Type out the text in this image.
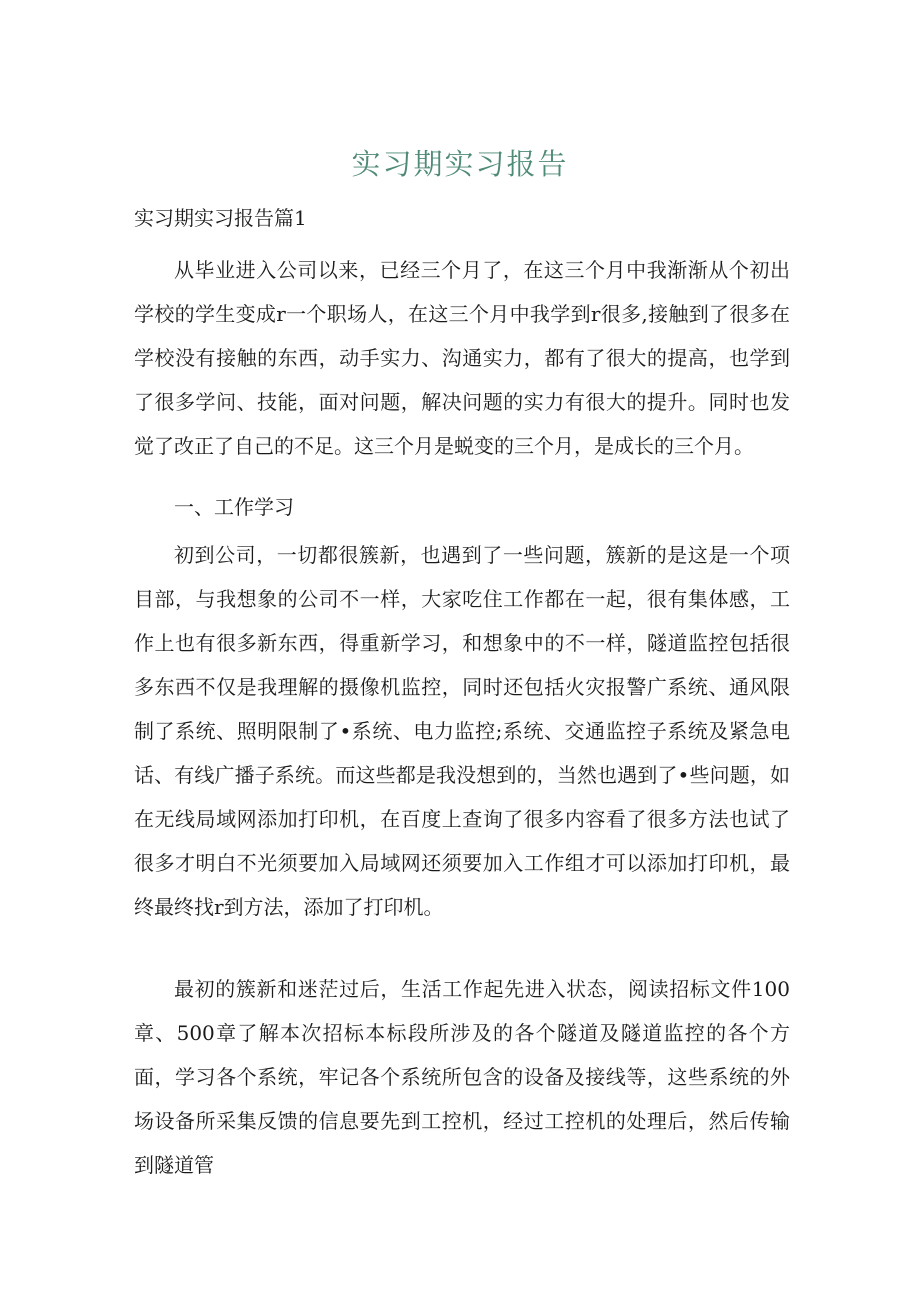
实习期实习报告

实习期实习报告篇1

从毕业进入公司以来，已经三个月了，在这三个月中我渐渐从个初出学校的学生变成r一个职场人，在这三个月中我学到r很多,接触到了很多在学校没有接触的东西，动手实力、沟通实力，都有了很大的提高，也学到了很多学问、技能，面对问题，解决问题的实力有很大的提升。同时也发觉了改正了自己的不足。这三个月是蜕变的三个月，是成长的三个月。

一、工作学习

初到公司，一切都很簇新，也遇到了一些问题，簇新的是这是一个项目部，与我想象的公司不一样，大家吃住工作都在一起，很有集体感，工作上也有很多新东西，得重新学习，和想象中的不一样，隧道监控包括很多东西不仅是我理解的摄像机监控，同时还包括火灾报警广系统、通风限制了系统、照明限制了•系统、电力监控;系统、交通监控子系统及紧急电话、有线广播子系统。而这些都是我没想到的，当然也遇到了•些问题，如在无线局域网添加打印机，在百度上查询了很多内容看了很多方法也试了很多才明白不光须要加入局域网还须要加入工作组才可以添加打印机，最终最终找r到方法，添加了打印机。

最初的簇新和迷茫过后，生活工作起先进入状态，阅读招标文件100章、500章了解本次招标本标段所涉及的各个隧道及隧道监控的各个方面，学习各个系统，牢记各个系统所包含的设备及接线等，这些系统的外场设备所采集反馈的信息要先到工控机，经过工控机的处理后，然后传输到隧道管
